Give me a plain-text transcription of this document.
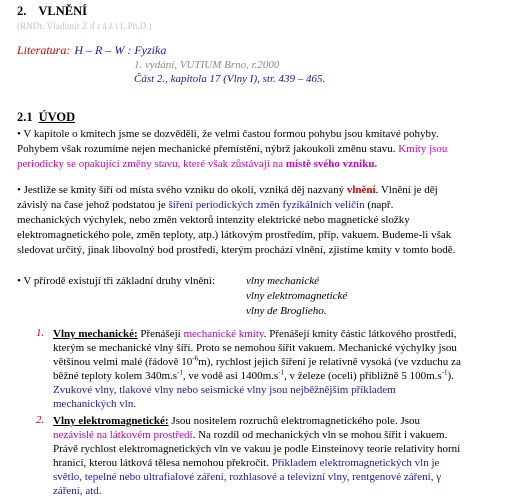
2. VLNĚNÍ
(RNDr. Vladimír Z d r á ž i l, Ph.D.)
Literatura: H – R – W : Fyzika
1. vydání, VUTIUM Brno, r.2000
Část 2., kapitola 17 (Vlny I), str. 439 – 465.
2.1 ÚVOD
• V kapitole o kmitech jsme se dozvěděli, že velmi častou formou pohybu jsou kmitavé pohyby.
Pohybem však rozumíme nejen mechanické přemístění, nýbrž jakoukoli změnu stavu. Kmity jsou
periodicky se opakující změny stavu, které však zůstávají na místě svého vzniku.
• Jestliže se kmity šíří od místa svého vzniku do okolí, vzniká děj nazvaný vlnění. Vlnění je děj
závislý na čase jehož podstatou je šíření periodických změn fyzikálních veličin (např.
mechanických výchylek, nebo změn vektorů intenzity elektrické nebo magnetické složky
elektromagnetického pole, změn teploty, atp.) látkovým prostředím, příp. vakuem. Budeme-li však
sledovat určitý, jinak libovolný bod prostředí, kterým prochází vlnění, zjistíme kmity v tomto bodě.
• V přírodě existují tři základní druhy vlnění:	vlny mechanické
vlny elektromagnetické
vlny de Broglieho.
1. Vlny mechanické: Přenášejí mechanické kmity. Přenášejí kmity částic látkového prostředí,
kterým se mechanické vlny šíří. Proto se nemohou šířit vakuem. Mechanické výchylky jsou
většinou velmi malé (řádově $10^{-6}m$), rychlost jejich šíření je relativně vysoká (ve vzduchu za
běžné teploty kolem $340m.s^{-1}$, ve vodě asi $1400m.s^{-1}$, v železe (oceli) přibližně 5 $100m.s^{-1}$).
Zvukové vlny, tlakové vlny nebo seismické vlny jsou nejběžnějším příkladem
mechanických vln.
2. Vlny elektromagnetické: Jsou nositelem rozruchů elektromagnetického pole. Jsou
nezávislé na látkovém prostředí. Na rozdíl od mechanických vln se mohou šířit i vakuem.
Právě rychlost elektromagnetických vln ve vakuu je podle Einsteinovy teorie relativity horní
hranicí, kterou látková tělesa nemohou překročit. Příkladem elektromagnetických vln je
světlo, tepelné nebo ultrafialové záření, rozhlasové a televizní vlny, rentgenové záření, γ
záření, atd.
